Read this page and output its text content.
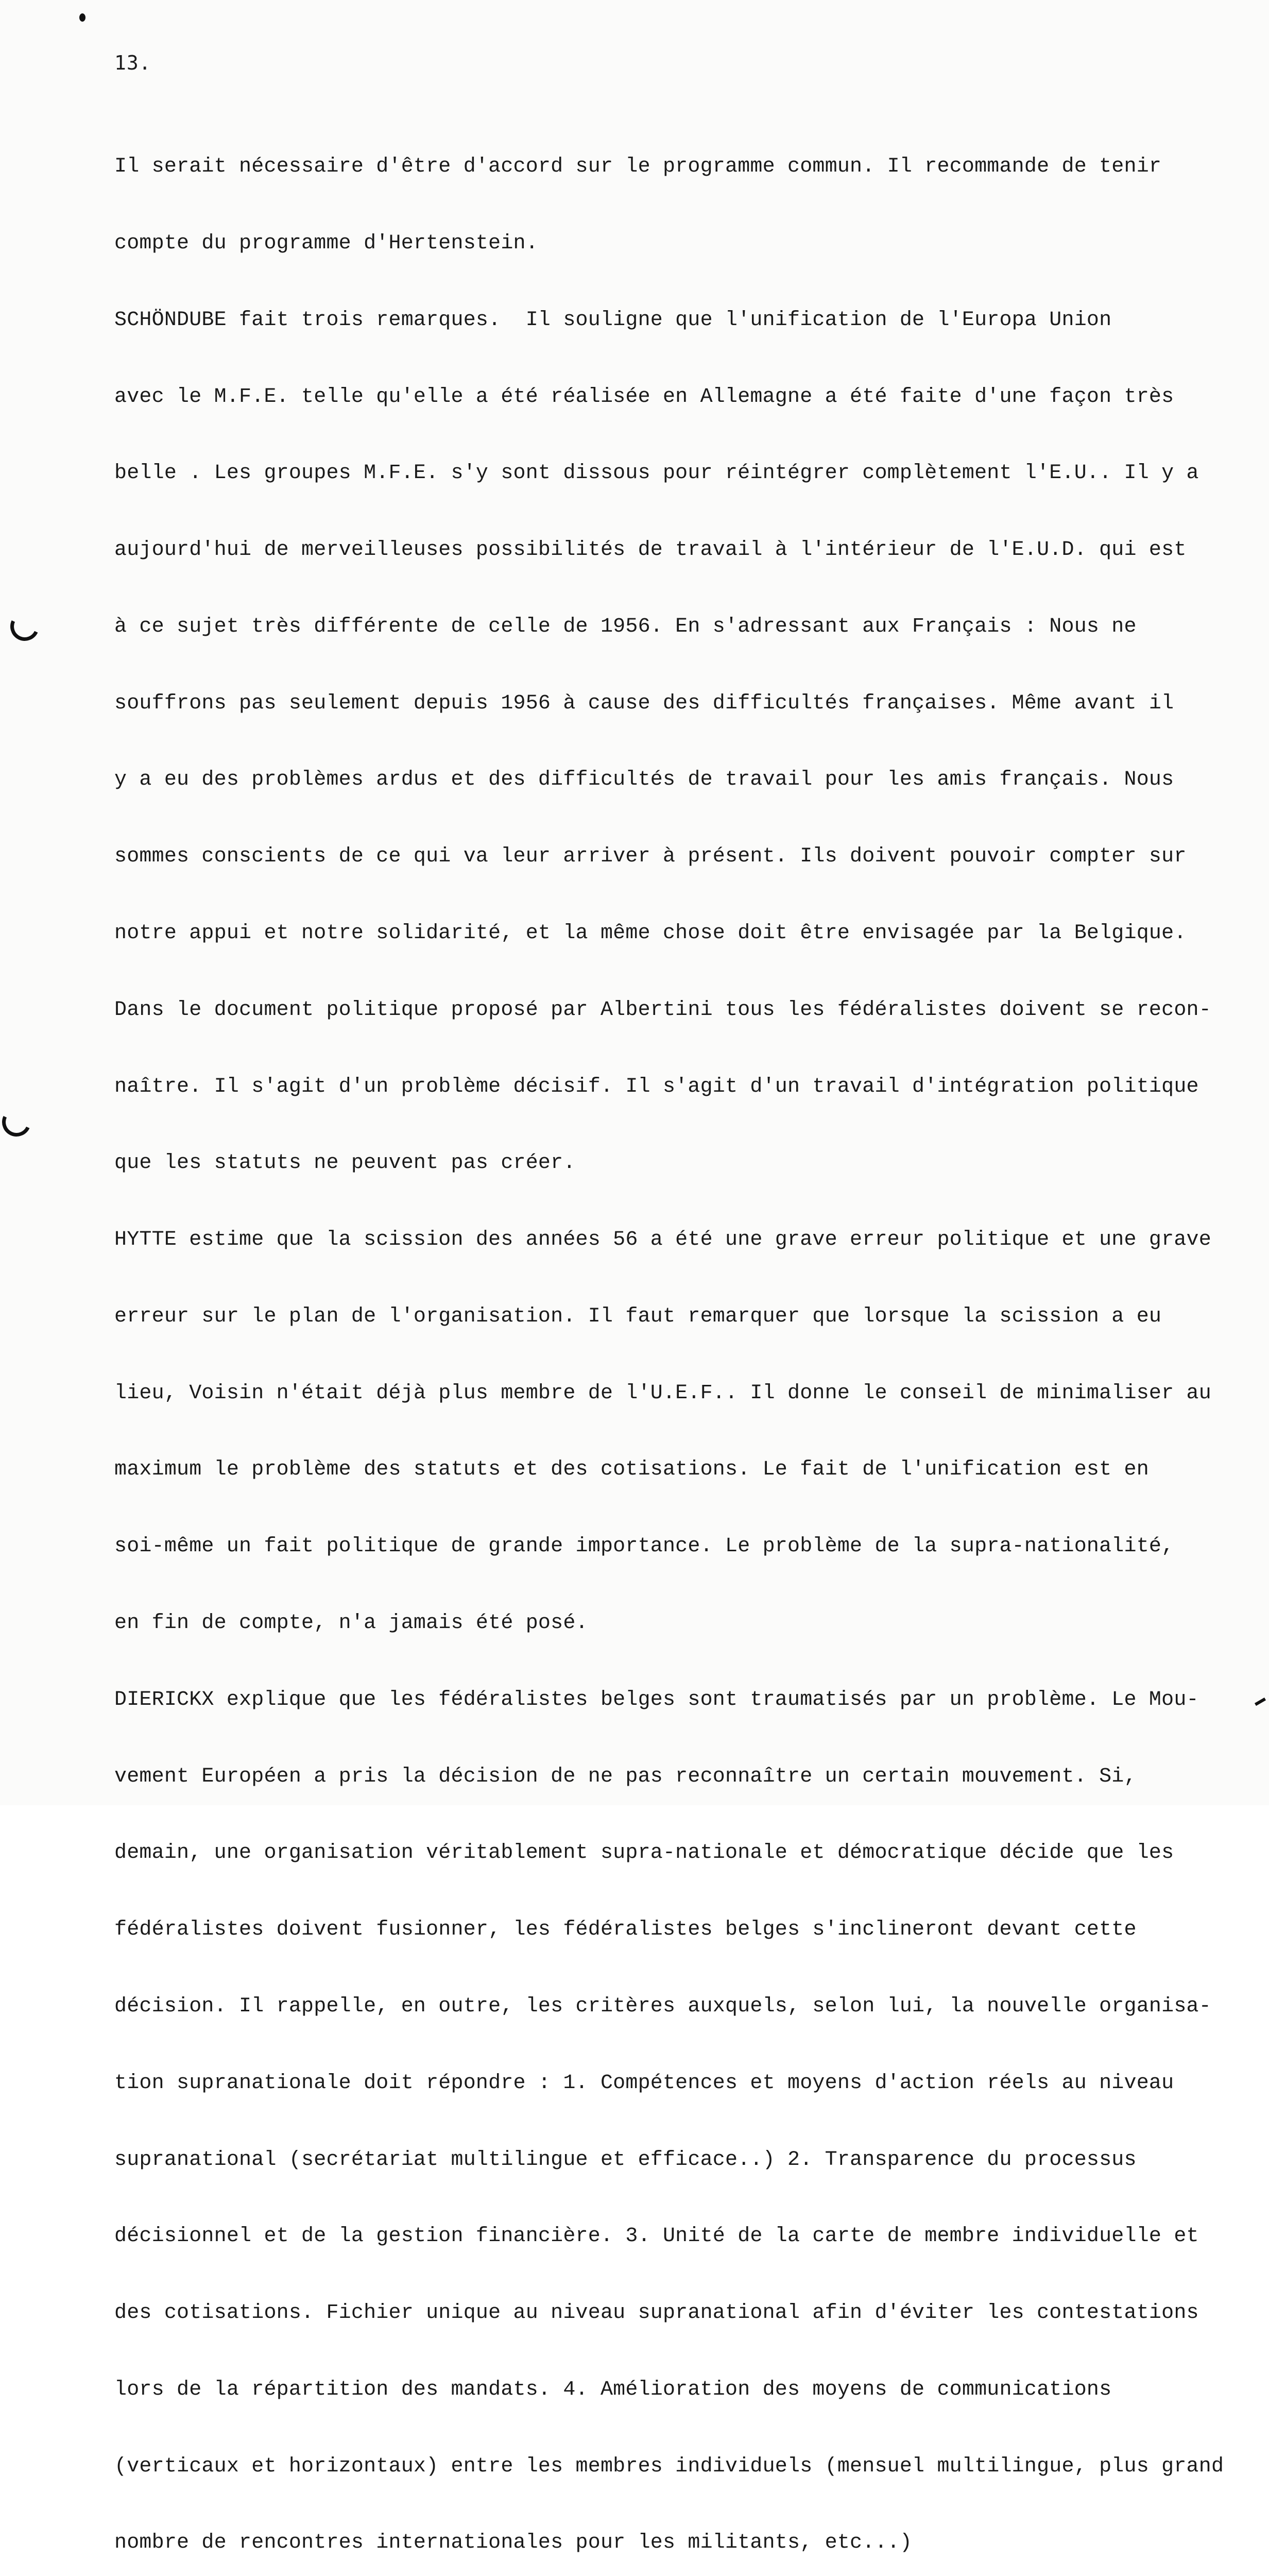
13.

Il serait nécessaire d'être d'accord sur le programme commun. Il recommande de tenir

compte du programme d'Hertenstein.

SCHÖNDUBE fait trois remarques.  Il souligne que l'unification de l'Europa Union

avec le M.F.E. telle qu'elle a été réalisée en Allemagne a été faite d'une façon très

belle . Les groupes M.F.E. s'y sont dissous pour réintégrer complètement l'E.U.. Il y a

aujourd'hui de merveilleuses possibilités de travail à l'intérieur de l'E.U.D. qui est

à ce sujet très différente de celle de 1956. En s'adressant aux Français : Nous ne

souffrons pas seulement depuis 1956 à cause des difficultés françaises. Même avant il

y a eu des problèmes ardus et des difficultés de travail pour les amis français. Nous

sommes conscients de ce qui va leur arriver à présent. Ils doivent pouvoir compter sur

notre appui et notre solidarité, et la même chose doit être envisagée par la Belgique.

Dans le document politique proposé par Albertini tous les fédéralistes doivent se recon-

naître. Il s'agit d'un problème décisif. Il s'agit d'un travail d'intégration politique

que les statuts ne peuvent pas créer.

HYTTE estime que la scission des années 56 a été une grave erreur politique et une grave

erreur sur le plan de l'organisation. Il faut remarquer que lorsque la scission a eu

lieu, Voisin n'était déjà plus membre de l'U.E.F.. Il donne le conseil de minimaliser au

maximum le problème des statuts et des cotisations. Le fait de l'unification est en

soi-même un fait politique de grande importance. Le problème de la supra-nationalité,

en fin de compte, n'a jamais été posé.

DIERICKX explique que les fédéralistes belges sont traumatisés par un problème. Le Mou-

vement Européen a pris la décision de ne pas reconnaître un certain mouvement. Si,

demain, une organisation véritablement supra-nationale et démocratique décide que les

fédéralistes doivent fusionner, les fédéralistes belges s'inclineront devant cette

décision. Il rappelle, en outre, les critères auxquels, selon lui, la nouvelle organisa-

tion supranationale doit répondre : 1. Compétences et moyens d'action réels au niveau

supranational (secrétariat multilingue et efficace..) 2. Transparence du processus

décisionnel et de la gestion financière. 3. Unité de la carte de membre individuelle et

des cotisations. Fichier unique au niveau supranational afin d'éviter les contestations

lors de la répartition des mandats. 4. Amélioration des moyens de communications

(verticaux et horizontaux) entre les membres individuels (mensuel multilingue, plus grand

nombre de rencontres internationales pour les militants, etc...)
